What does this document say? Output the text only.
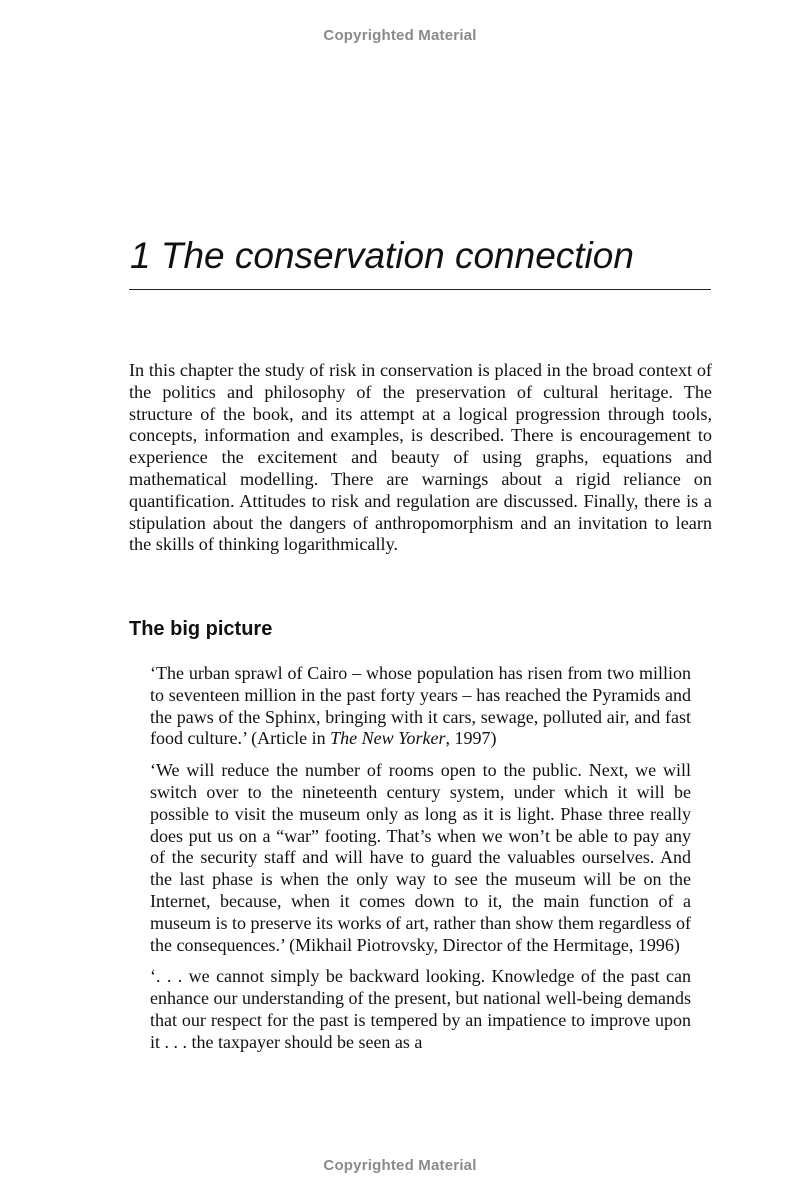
Copyrighted Material
1 The conservation connection

In this chapter the study of risk in conservation is placed in the broad context of the politics and philosophy of the preservation of cultural heritage. The structure of the book, and its attempt at a logical progression through tools, concepts, information and examples, is described. There is encouragement to experience the excitement and beauty of using graphs, equations and mathematical modelling. There are warnings about a rigid reliance on quantification. Attitudes to risk and regulation are discussed. Finally, there is a stipulation about the dangers of anthropomorphism and an invitation to learn the skills of thinking logarithmically.

The big picture

‘The urban sprawl of Cairo – whose population has risen from two million to seventeen million in the past forty years – has reached the Pyramids and the paws of the Sphinx, bringing with it cars, sewage, polluted air, and fast food culture.’ (Article in The New Yorker, 1997)

‘We will reduce the number of rooms open to the public. Next, we will switch over to the nineteenth century system, under which it will be possible to visit the museum only as long as it is light. Phase three really does put us on a “war” footing. That’s when we won’t be able to pay any of the security staff and will have to guard the valuables ourselves. And the last phase is when the only way to see the museum will be on the Internet, because, when it comes down to it, the main function of a museum is to preserve its works of art, rather than show them regardless of the consequences.’ (Mikhail Piotrovsky, Director of the Hermitage, 1996)

‘. . . we cannot simply be backward looking. Knowledge of the past can enhance our understanding of the present, but national well-being demands that our respect for the past is tempered by an impatience to improve upon it . . . the taxpayer should be seen as a

Copyrighted Material
